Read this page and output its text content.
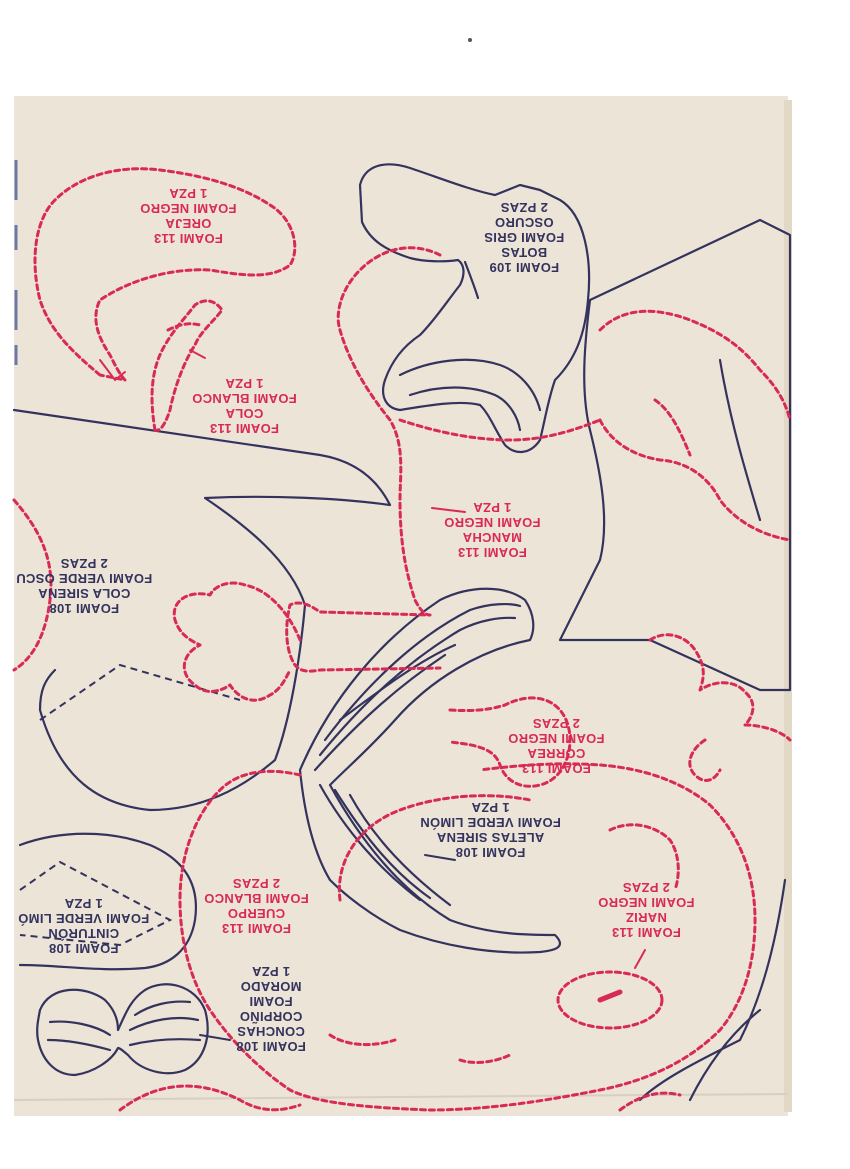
FOAMI 113
OREJA
FOAMI NEGRO
1 PZA
FOAMI 113
COLA
FOAMI BLANCO
1 PZA
FOAMI 109
BOTAS
FOAMI GRIS
OSCURO
2 PZAS
FOAMI 113
MANCHA
FOAMI NEGRO
1 PZA
FOAMI 108
COLA SIRENA
FOAMI VERDE OSCU
2 PZAS
FOAMI 113
CORREA
FOAMI NEGRO
2 PZAS
FOAMI 108
ALETAS SIRENA
FOAMI VERDE LIMÓN
1 PZA
FOAMI 113
CUERPO
FOAMI BLANCO
2 PZAS
FOAMI 113
NARIZ
FOAMI NEGRO
2 PZAS
FOAMI 108
CINTURÓN
FOAMI VERDE LIMÓ
1 PZA
FOAMI 108
CONCHAS
CORPIÑO
FOAMI
MORADO
1 PZA
